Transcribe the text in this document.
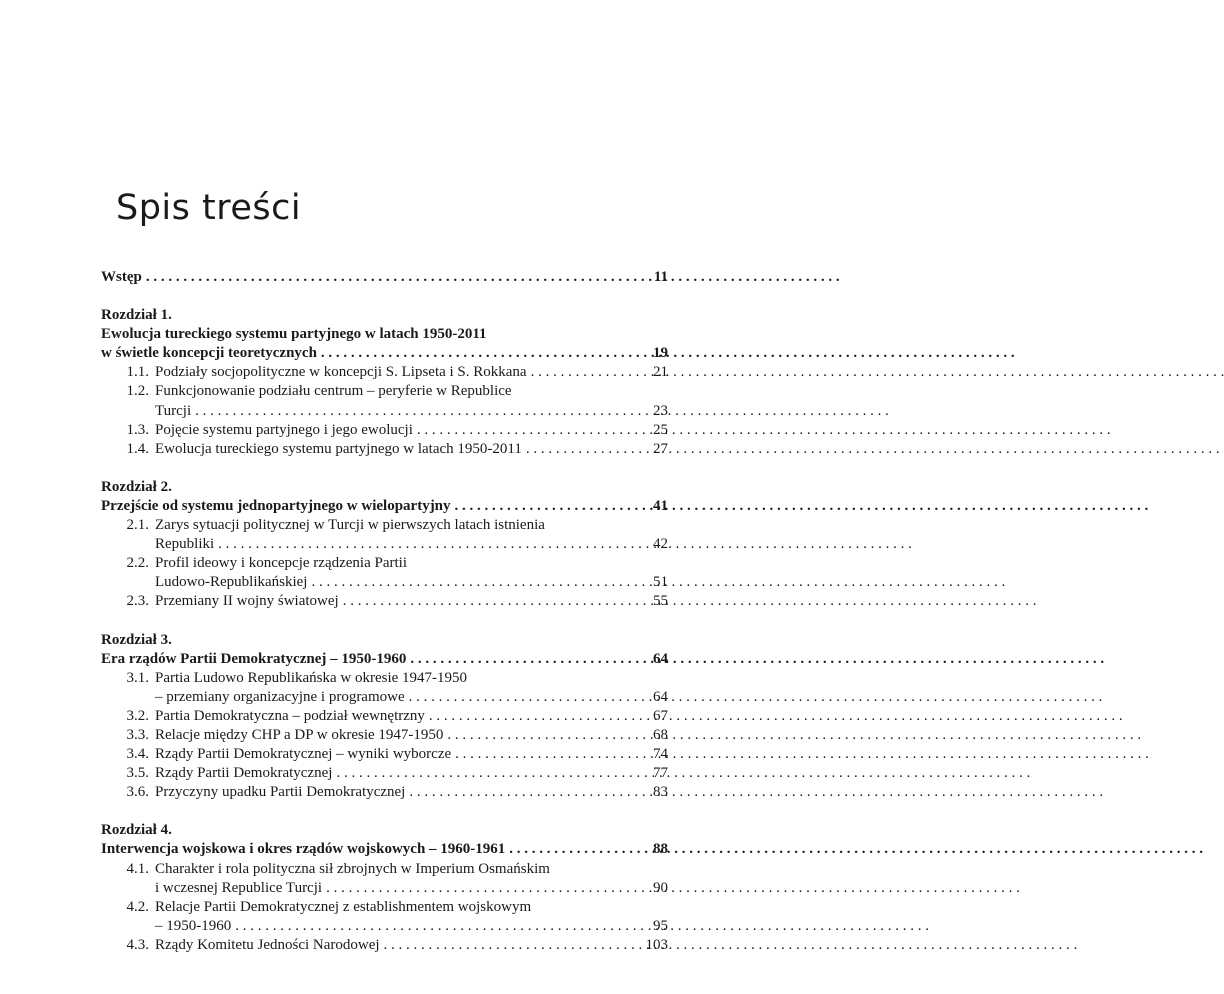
Spis treści
Wstęp . . .	11
Rozdział 1.
Ewolucja tureckiego systemu partyjnego w latach 1950-2011
w świetle koncepcji teoretycznych . . .	19
1.1. Podziały socjopolityczne w koncepcji S. Lipseta i S. Rokkana . . .	21
1.2. Funkcjonowanie podziału centrum – peryferie w Republice
Turcji . . .	23
1.3. Pojęcie systemu partyjnego i jego ewolucji . . .	25
1.4. Ewolucja tureckiego systemu partyjnego w latach 1950-2011 . . .	27
Rozdział 2.
Przejście od systemu jednopartyjnego w wielopartyjny . . .	41
2.1. Zarys sytuacji politycznej w Turcji w pierwszych latach istnienia
Republiki . . .	42
2.2. Profil ideowy i koncepcje rządzenia Partii
Ludowo-Republikańskiej . . .	51
2.3. Przemiany II wojny światowej . . .	55
Rozdział 3.
Era rządów Partii Demokratycznej – 1950-1960 . . .	64
3.1. Partia Ludowo Republikańska w okresie 1947-1950
– przemiany organizacyjne i programowe . . .	64
3.2. Partia Demokratyczna – podział wewnętrzny . . .	67
3.3. Relacje między CHP a DP w okresie 1947-1950 . . .	68
3.4. Rządy Partii Demokratycznej – wyniki wyborcze . . .	74
3.5. Rządy Partii Demokratycznej . . .	77
3.6. Przyczyny upadku Partii Demokratycznej . . .	83
Rozdział 4.
Interwencja wojskowa i okres rządów wojskowych – 1960-1961 . . .	88
4.1. Charakter i rola polityczna sił zbrojnych w Imperium Osmańskim
i wczesnej Republice Turcji . . .	90
4.2. Relacje Partii Demokratycznej z establishmentem wojskowym
– 1950-1960 . . .	95
4.3. Rządy Komitetu Jedności Narodowej . . .	103
